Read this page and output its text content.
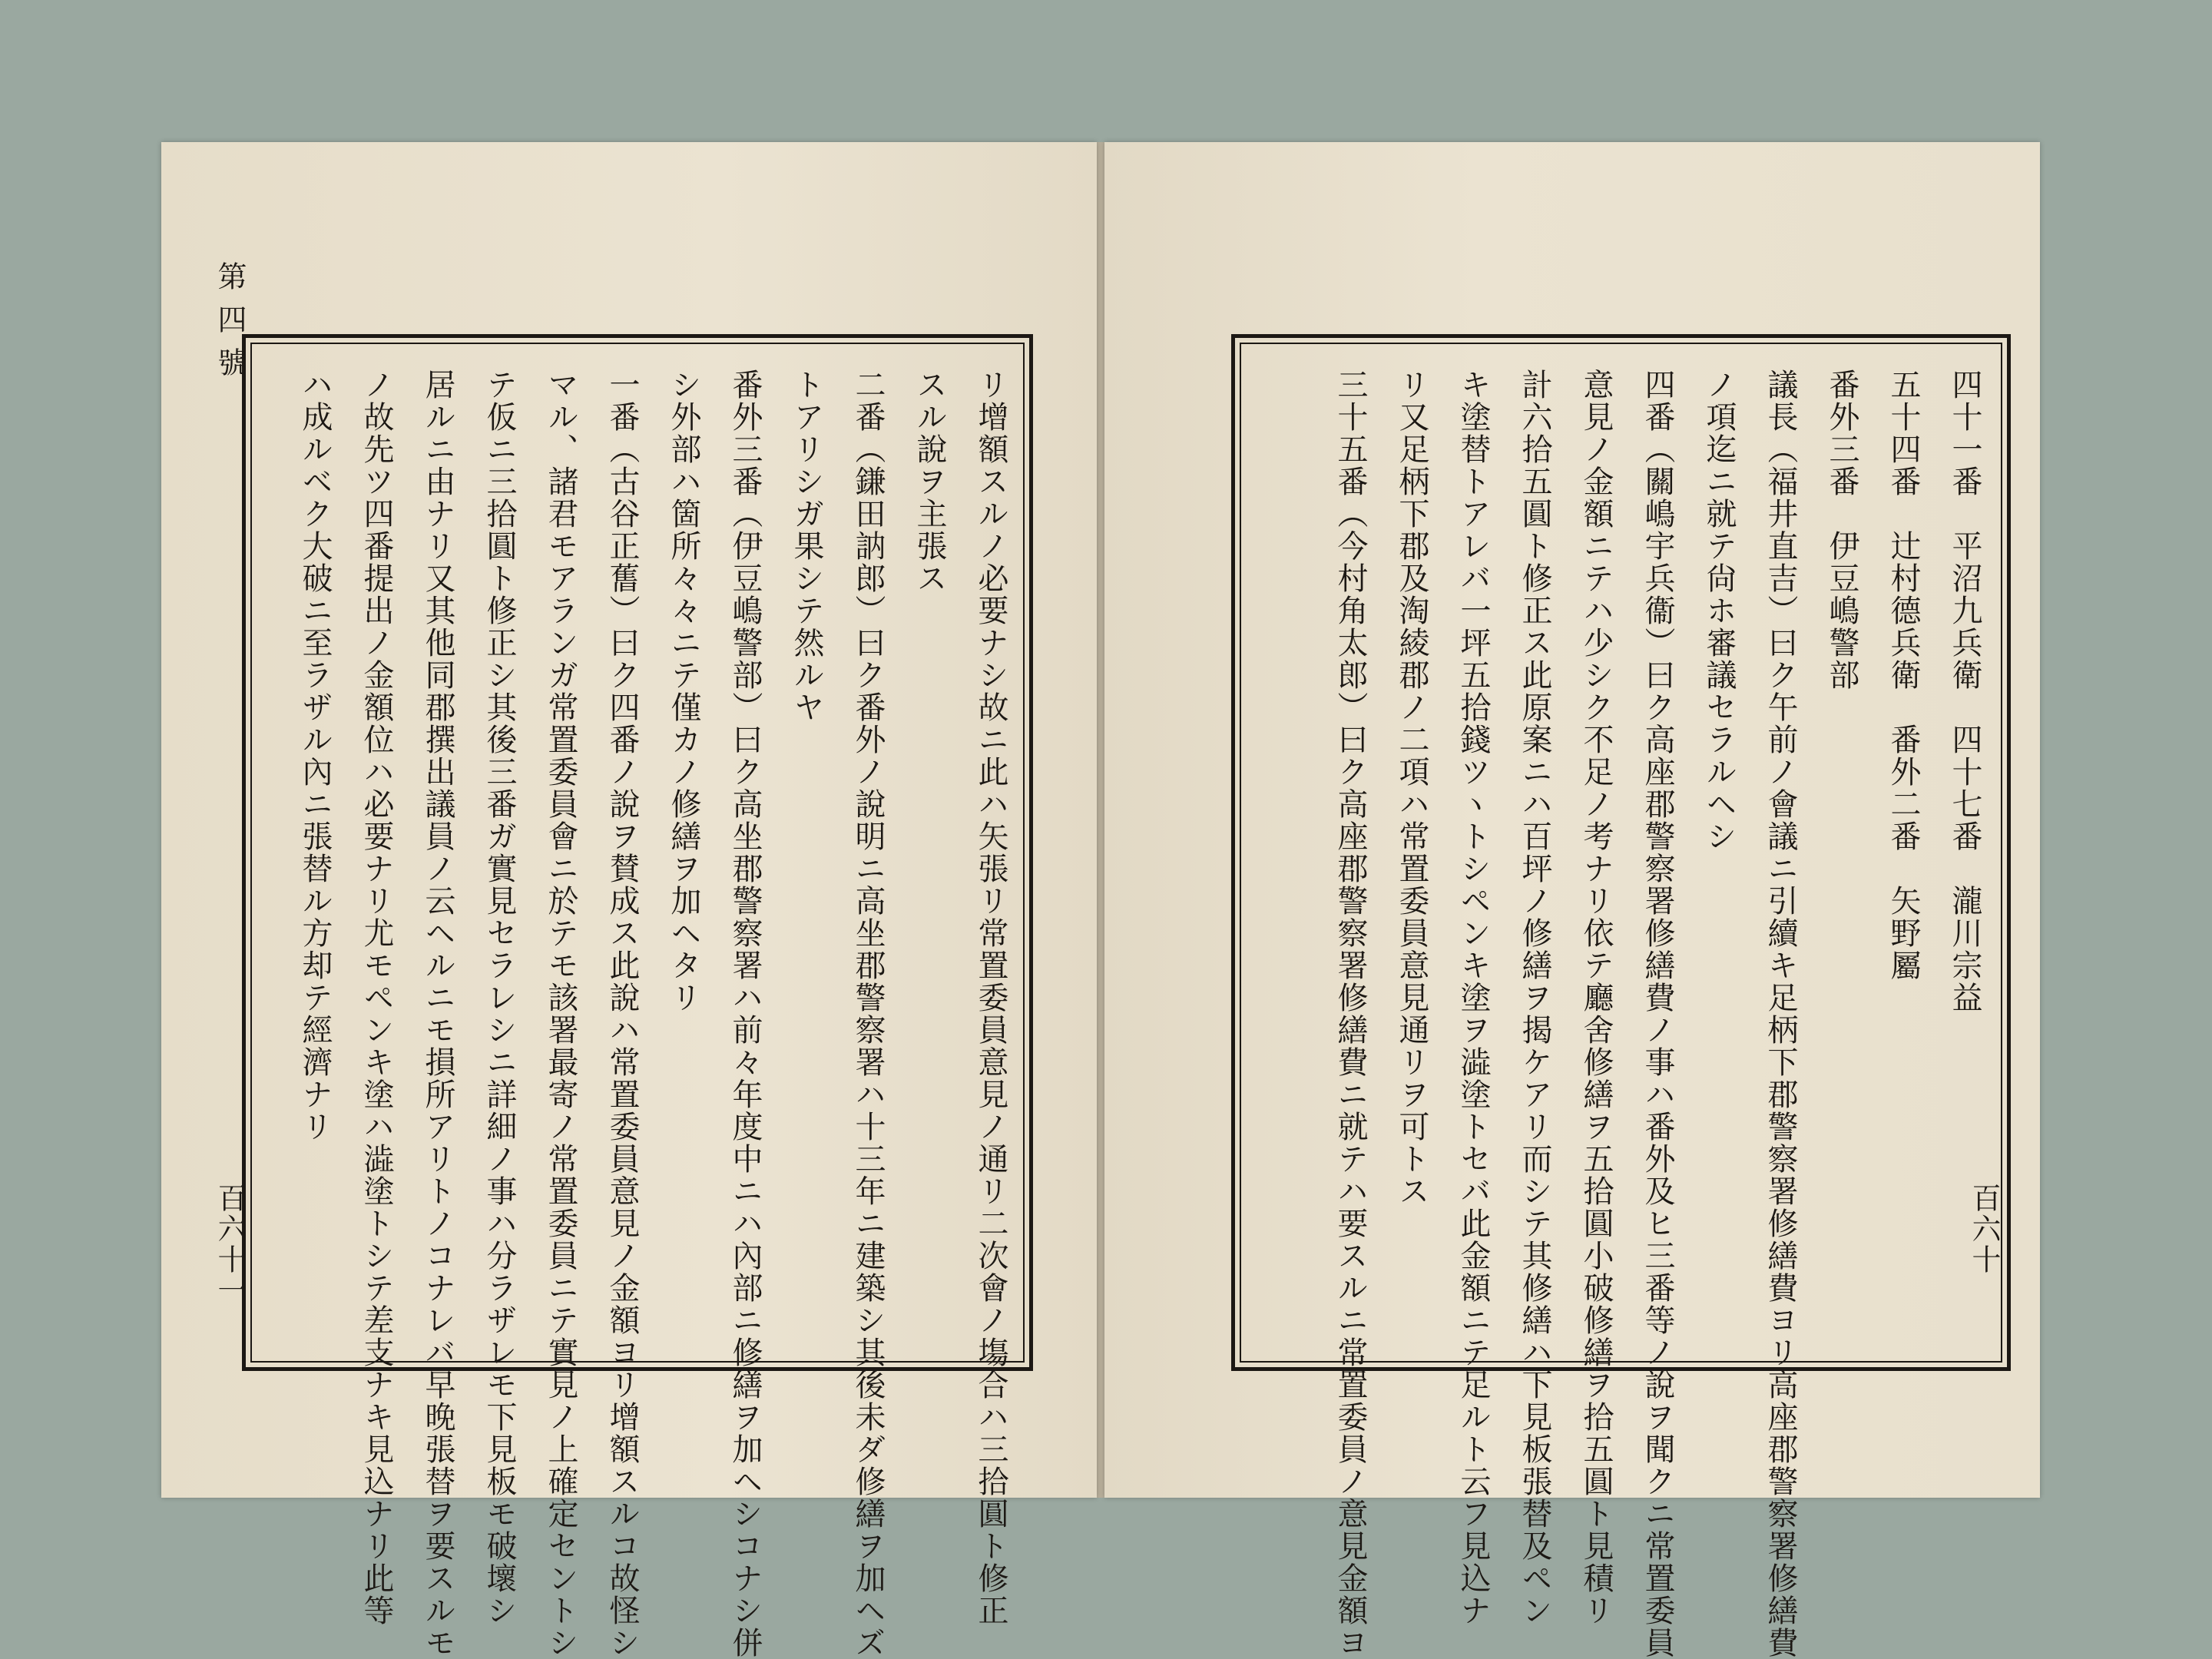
第四號
百六十一	リ增額スルノ必要ナシ故ニ此ハ矢張リ常置委員意見ノ通リ二次會ノ塲合ハ三拾圓ト修正
スル說ヲ主張ス
二番（鎌田訥郎）曰ク番外ノ說明ニ高坐郡警察署ハ十三年ニ建築シ其後未ダ修繕ヲ加ヘズ
トアリシガ果シテ然ルヤ
番外三番（伊豆嶋警部）曰ク高坐郡警察署ハ前々年度中ニハ內部ニ修繕ヲ加ヘシコナシ併
シ外部ハ箇所々々ニテ僅カノ修繕ヲ加ヘタリ
一番（古谷正𦾔）曰ク四番ノ說ヲ賛成ス此說ハ常置委員意見ノ金額ヨリ增額スルコ故怪シ
マル、諸君モアランガ常置委員會ニ於テモ該署最寄ノ常置委員ニテ實見ノ上確定セントシ
テ仮ニ三拾圓ト修正シ其後三番ガ實見セラレシニ詳細ノ事ハ分ラザレモ下見板モ破壞シ
居ルニ由ナリ又其他同郡撰出議員ノ云ヘルニモ損所アリトノコナレバ早晚張替ヲ要スルモ
ノ故先ツ四番提出ノ金額位ハ必要ナリ尤モペンキ塗ハ澁塗トシテ差支ナキ見込ナリ此等
ハ成ルベク大破ニ至ラザル內ニ張替ル方却テ經濟ナリ
百六十
四十一番　平沼九兵衛　四十七番　瀧川宗益
五十四番　辻村德兵衛　番外二番　矢野屬
番外三番　伊豆嶋警部
議長（福井直吉）曰ク午前ノ會議ニ引續キ足柄下郡警察署修繕費ヨリ高座郡警察署修繕費
ノ項迄ニ就テ尙ホ審議セラルヘシ
四番（關嶋宇兵衞）曰ク高座郡警察署修繕費ノ事ハ番外及ヒ三番等ノ說ヲ聞クニ常置委員
意見ノ金額ニテハ少シク不足ノ考ナリ依テ廳舍修繕ヲ五拾圓小破修繕ヲ拾五圓ト見積リ
計六拾五圓ト修正ス此原案ニハ百坪ノ修繕ヲ揭ケアリ而シテ其修繕ハ下見板張替及ペン
キ塗替トアレバ一坪五拾錢ツヽトシペンキ塗ヲ澁塗トセバ此金額ニテ足ルト云フ見込ナ
リ又足柄下郡及淘綾郡ノ二項ハ常置委員意見通リヲ可トス
三十五番（今村角太郎）曰ク高座郡警察署修繕費ニ就テハ要スルニ常置委員ノ意見金額ヨ
